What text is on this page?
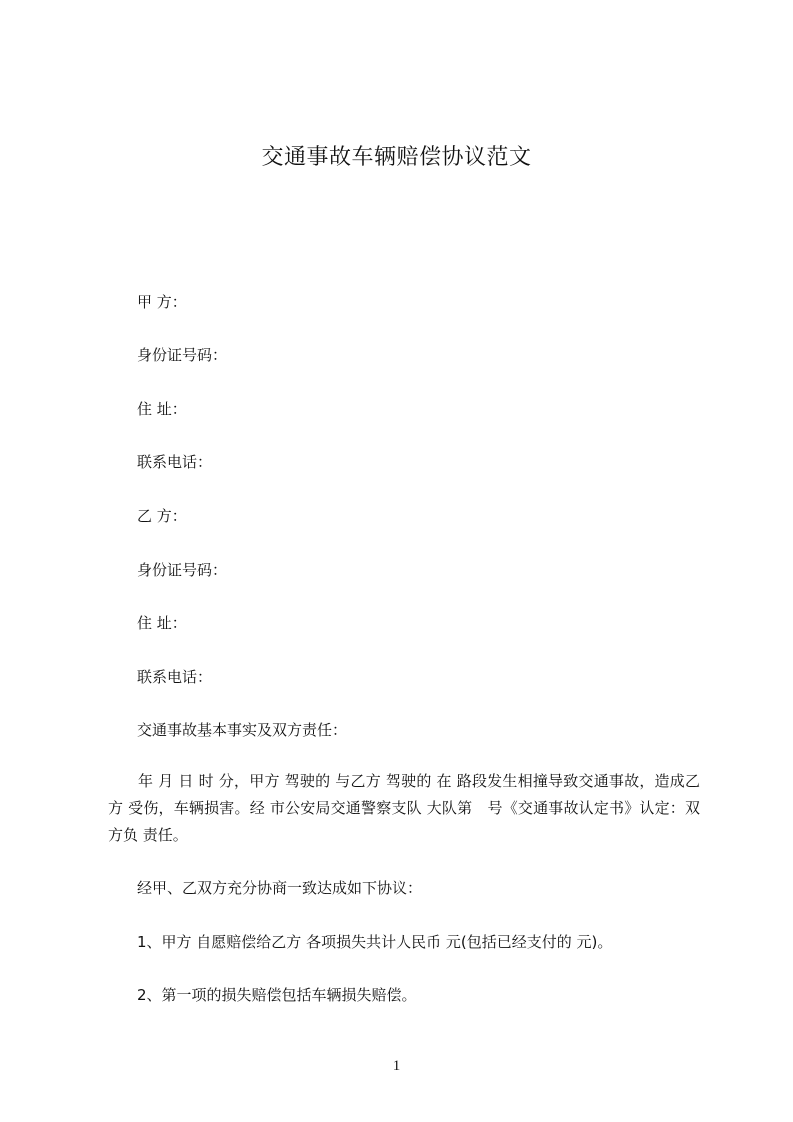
交通事故车辆赔偿协议范文
甲 方：
身份证号码：
住 址：
联系电话：
乙 方：
身份证号码：
住 址：
联系电话：
交通事故基本事实及双方责任：
年 月 日 时 分，甲方 驾驶的 与乙方 驾驶的 在 路段发生相撞导致交通事故，造成乙方 受伤，车辆损害。经 市公安局交通警察支队 大队第　号《交通事故认定书》认定：双方负 责任。
经甲、乙双方充分协商一致达成如下协议：
1、甲方 自愿赔偿给乙方 各项损失共计人民币 元(包括已经支付的 元)。
2、第一项的损失赔偿包括车辆损失赔偿。
1
